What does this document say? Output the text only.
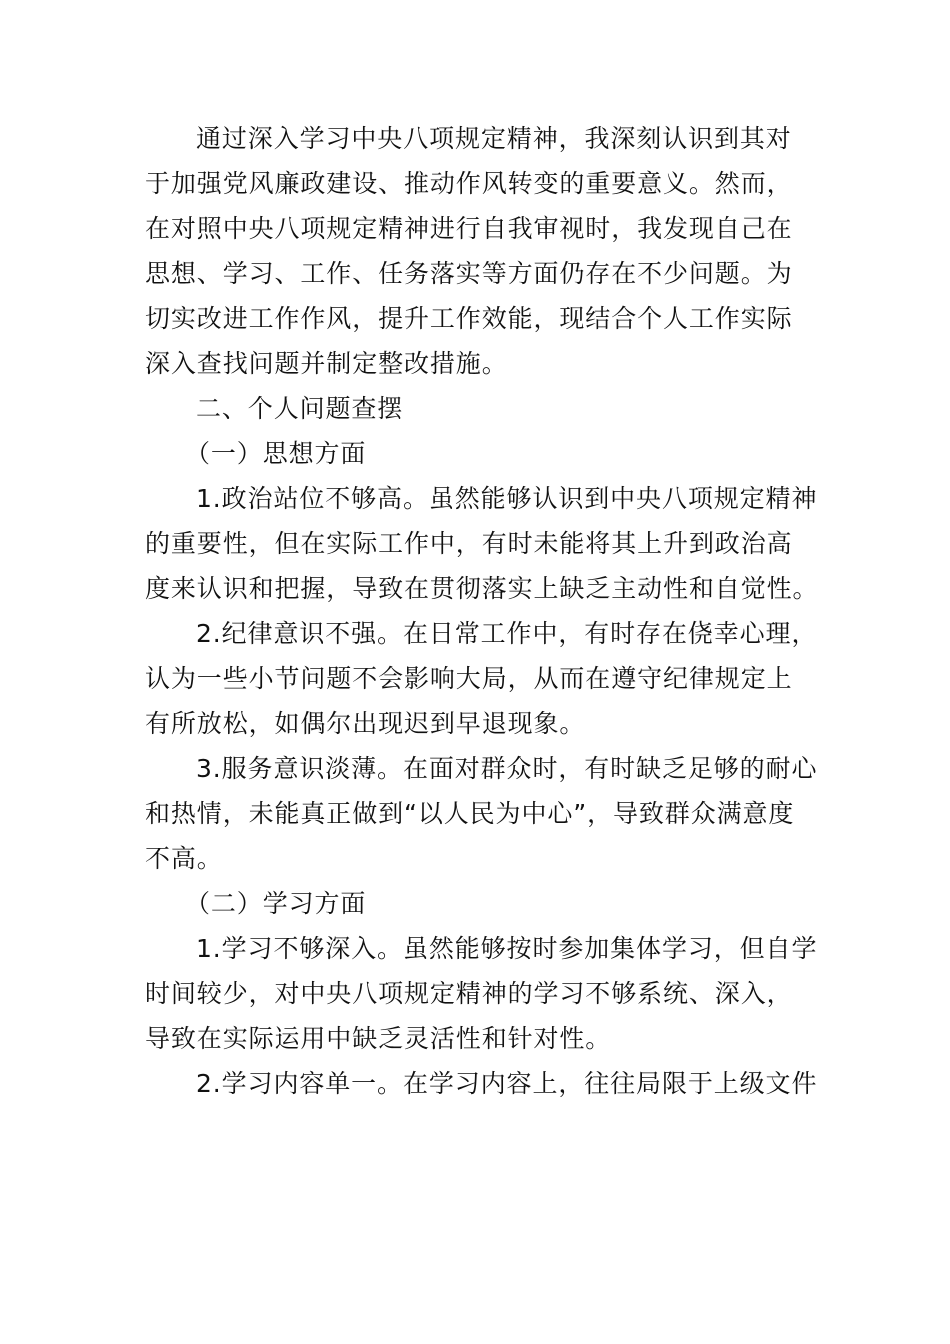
通过深入学习中央八项规定精神，我深刻认识到其对
于加强党风廉政建设、推动作风转变的重要意义。然而，
在对照中央八项规定精神进行自我审视时，我发现自己在
思想、学习、工作、任务落实等方面仍存在不少问题。为
切实改进工作作风，提升工作效能，现结合个人工作实际
深入查找问题并制定整改措施。
二、个人问题查摆
（一）思想方面
1.政治站位不够高。虽然能够认识到中央八项规定精神
的重要性，但在实际工作中，有时未能将其上升到政治高
度来认识和把握，导致在贯彻落实上缺乏主动性和自觉性。
2.纪律意识不强。在日常工作中，有时存在侥幸心理，
认为一些小节问题不会影响大局，从而在遵守纪律规定上
有所放松，如偶尔出现迟到早退现象。
3.服务意识淡薄。在面对群众时，有时缺乏足够的耐心
和热情，未能真正做到“以人民为中心”，导致群众满意度
不高。
（二）学习方面
1.学习不够深入。虽然能够按时参加集体学习，但自学
时间较少，对中央八项规定精神的学习不够系统、深入，
导致在实际运用中缺乏灵活性和针对性。
2.学习内容单一。在学习内容上，往往局限于上级文件
